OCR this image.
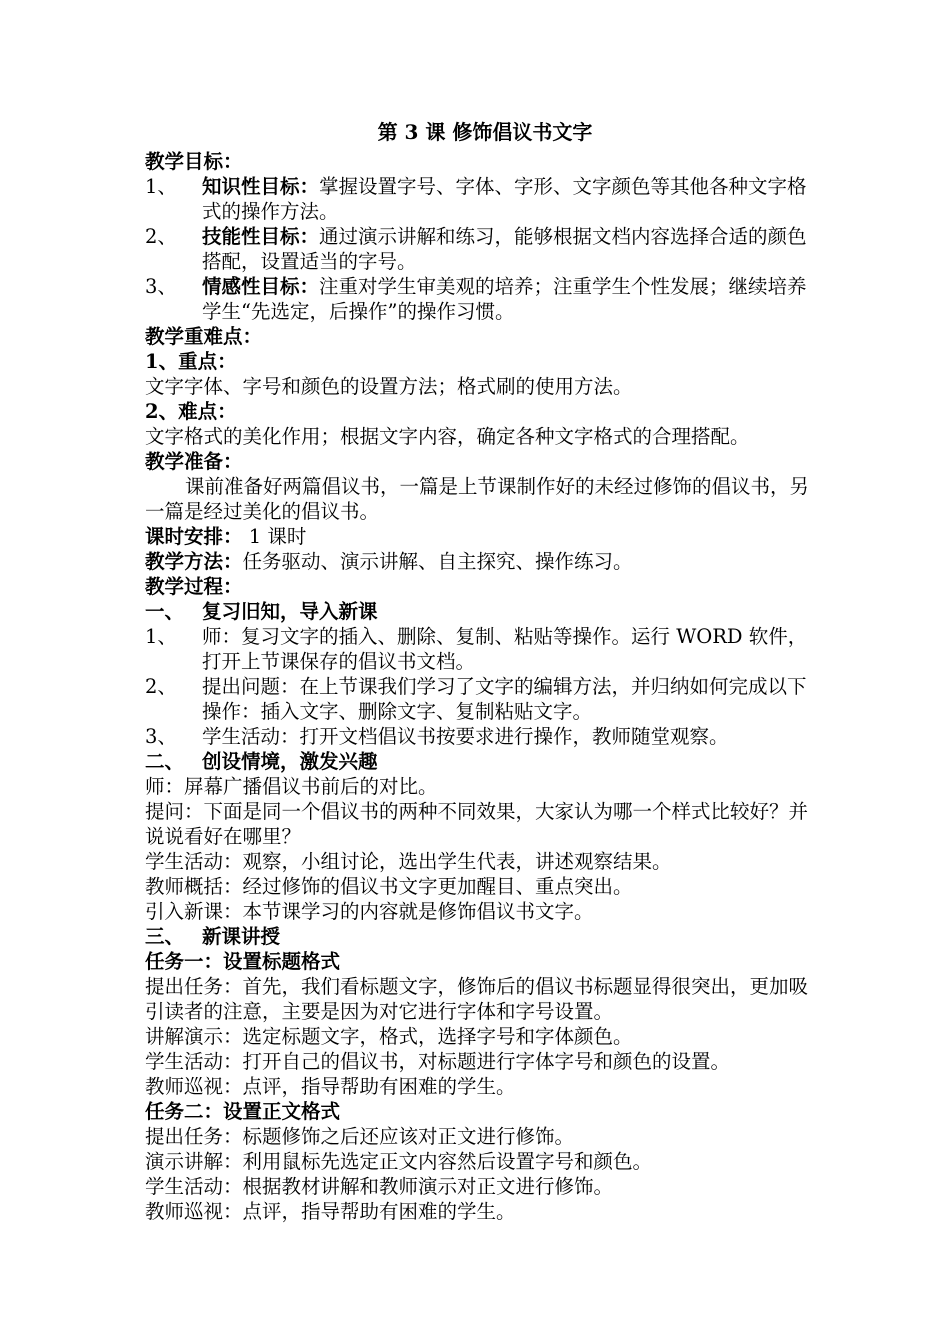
第 3 课 修饰倡议书文字

教学目标：

1、 知识性目标：掌握设置字号、字体、字形、文字颜色等其他各种文字格式的操作方法。

2、 技能性目标：通过演示讲解和练习，能够根据文档内容选择合适的颜色搭配，设置适当的字号。

3、 情感性目标：注重对学生审美观的培养；注重学生个性发展；继续培养学生“先选定，后操作”的操作习惯。

教学重难点：

1、重点：

文字字体、字号和颜色的设置方法；格式刷的使用方法。

2、难点：

文字格式的美化作用；根据文字内容，确定各种文字格式的合理搭配。

教学准备：

课前准备好两篇倡议书，一篇是上节课制作好的未经过修饰的倡议书，另一篇是经过美化的倡议书。

课时安排： 1 课时

教学方法：任务驱动、演示讲解、自主探究、操作练习。

教学过程：

一、 复习旧知，导入新课

1、 师：复习文字的插入、删除、复制、粘贴等操作。运行 WORD 软件，打开上节课保存的倡议书文档。

2、 提出问题：在上节课我们学习了文字的编辑方法，并归纳如何完成以下操作：插入文字、删除文字、复制粘贴文字。

3、 学生活动：打开文档倡议书按要求进行操作，教师随堂观察。

二、 创设情境，激发兴趣

师：屏幕广播倡议书前后的对比。

提问：下面是同一个倡议书的两种不同效果，大家认为哪一个样式比较好？并说说看好在哪里？

学生活动：观察，小组讨论，选出学生代表，讲述观察结果。

教师概括：经过修饰的倡议书文字更加醒目、重点突出。

引入新课：本节课学习的内容就是修饰倡议书文字。

三、 新课讲授

任务一：设置标题格式

提出任务：首先，我们看标题文字，修饰后的倡议书标题显得很突出，更加吸引读者的注意，主要是因为对它进行字体和字号设置。

讲解演示：选定标题文字，格式，选择字号和字体颜色。

学生活动：打开自己的倡议书，对标题进行字体字号和颜色的设置。

教师巡视：点评，指导帮助有困难的学生。

任务二：设置正文格式

提出任务：标题修饰之后还应该对正文进行修饰。

演示讲解：利用鼠标先选定正文内容然后设置字号和颜色。

学生活动：根据教材讲解和教师演示对正文进行修饰。

教师巡视：点评，指导帮助有困难的学生。
